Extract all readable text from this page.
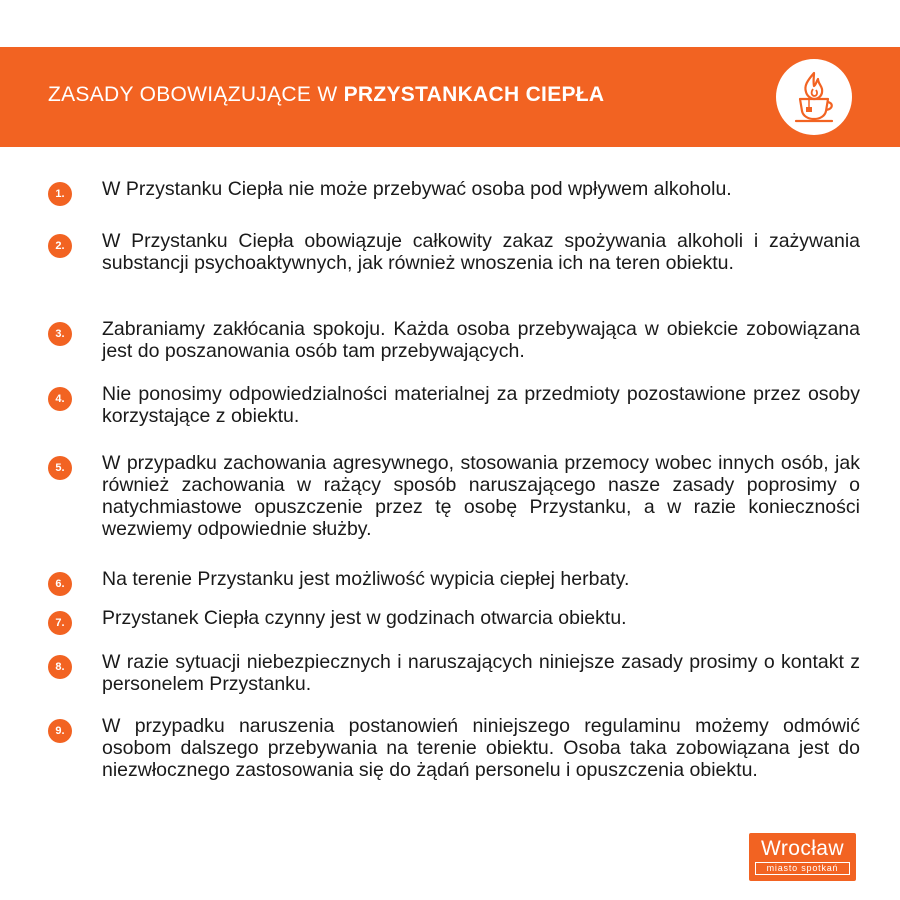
ZASADY OBOWIĄZUJĄCE W PRZYSTANKACH CIEPŁA
1.	W Przystanku Ciepła nie może przebywać osoba pod wpływem alkoholu.
2.	W Przystanku Ciepła obowiązuje całkowity zakaz spożywania alkoholi i zażywania substancji psychoaktywnych, jak również wnoszenia ich na teren obiektu.
3.	Zabraniamy zakłócania spokoju. Każda osoba przebywająca w obiekcie zobowiązana jest do poszanowania osób tam przebywających.
4.	Nie ponosimy odpowiedzialności materialnej za przedmioty pozostawione przez osoby korzystające z obiektu.
5.	W przypadku zachowania agresywnego, stosowania przemocy wobec innych osób, jak również zachowania w rażący sposób naruszającego nasze zasady poprosimy o natychmiastowe opuszczenie przez tę osobę Przystanku, a w razie konieczności wezwiemy odpowiednie służby.
6.	Na terenie Przystanku jest możliwość wypicia ciepłej herbaty.
7.	Przystanek Ciepła czynny jest w godzinach otwarcia obiektu.
8.	W razie sytuacji niebezpiecznych i naruszających niniejsze zasady prosimy o kontakt z personelem Przystanku.
9.	W przypadku naruszenia postanowień niniejszego regulaminu możemy odmówić osobom dalszego przebywania na terenie obiektu. Osoba taka zobowiązana jest do niezwłocznego zastosowania się do żądań personelu i opuszczenia obiektu.
Wrocław
miasto spotkań
